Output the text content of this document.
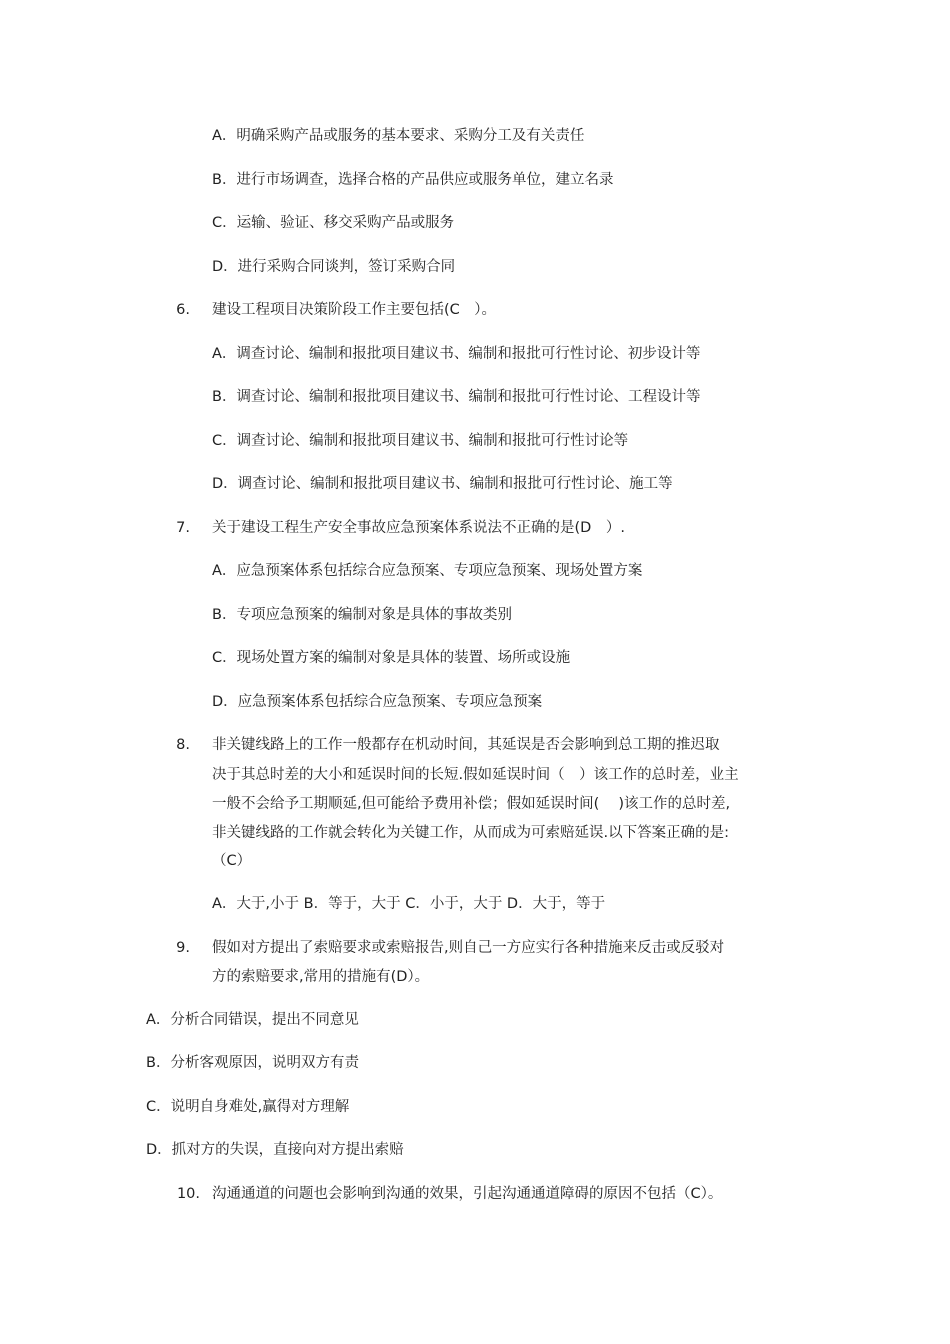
A．明确采购产品或服务的基本要求、采购分工及有关责任
B．进行市场调查，选择合格的产品供应或服务单位，建立名录
C．运输、验证、移交采购产品或服务
D．进行采购合同谈判，签订采购合同
6. 建设工程项目决策阶段工作主要包括(C　）。
A．调查讨论、编制和报批项目建议书、编制和报批可行性讨论、初步设计等
B．调查讨论、编制和报批项目建议书、编制和报批可行性讨论、工程设计等
C．调查讨论、编制和报批项目建议书、编制和报批可行性讨论等
D．调查讨论、编制和报批项目建议书、编制和报批可行性讨论、施工等
7. 关于建设工程生产安全事故应急预案体系说法不正确的是(D　）.
A．应急预案体系包括综合应急预案、专项应急预案、现场处置方案
B．专项应急预案的编制对象是具体的事故类别
C．现场处置方案的编制对象是具体的装置、场所或设施
D．应急预案体系包括综合应急预案、专项应急预案
8. 非关键线路上的工作一般都存在机动时间，其延误是否会影响到总工期的推迟取
决于其总时差的大小和延误时间的长短.假如延误时间（　）该工作的总时差，业主
一般不会给予工期顺延,但可能给予费用补偿；假如延误时间(　 )该工作的总时差,
非关键线路的工作就会转化为关键工作，从而成为可索赔延误.以下答案正确的是:
（C）
A．大于,小于 B．等于，大于 C．小于，大于 D．大于，等于
9. 假如对方提出了索赔要求或索赔报告,则自己一方应实行各种措施来反击或反驳对
方的索赔要求,常用的措施有(D）。
A．分析合同错误，提出不同意见
B．分析客观原因，说明双方有责
C．说明自身难处,赢得对方理解
D．抓对方的失误，直接向对方提出索赔
10. 沟通通道的问题也会影响到沟通的效果，引起沟通通道障碍的原因不包括（C）。
